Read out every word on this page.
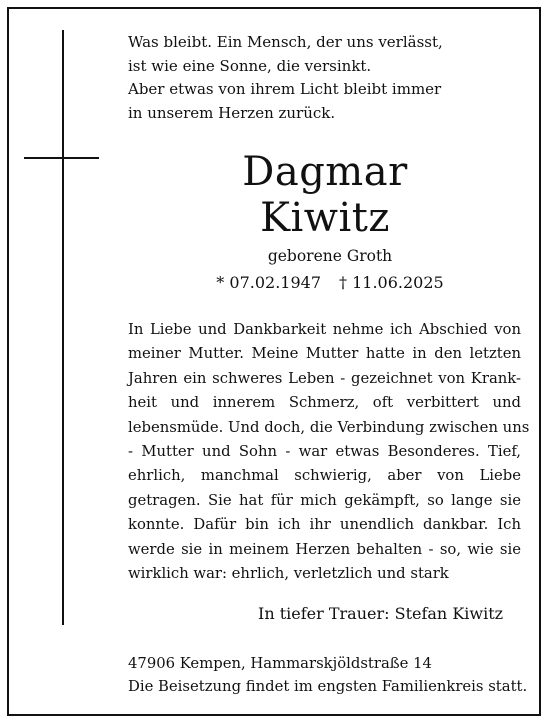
Was bleibt. Ein Mensch, der uns verlässt,
ist wie eine Sonne, die versinkt.
Aber etwas von ihrem Licht bleibt immer
in unserem Herzen zurück.
Dagmar
Kiwitz
geborene Groth
* 07.02.1947 † 11.06.2025
In Liebe und Dankbarkeit nehme ich Abschied von
meiner Mutter. Meine Mutter hatte in den letzten
Jahren ein schweres Leben - gezeichnet von Krank-
heit und innerem Schmerz, oft verbittert und
lebensmüde. Und doch, die Verbindung zwischen uns
- Mutter und Sohn - war etwas Besonderes. Tief,
ehrlich, manchmal schwierig, aber von Liebe
getragen. Sie hat für mich gekämpft, so lange sie
konnte. Dafür bin ich ihr unendlich dankbar. Ich
werde sie in meinem Herzen behalten - so, wie sie
wirklich war: ehrlich, verletzlich und stark
In tiefer Trauer: Stefan Kiwitz
47906 Kempen, Hammarskjöldstraße 14
Die Beisetzung findet im engsten Familienkreis statt.
